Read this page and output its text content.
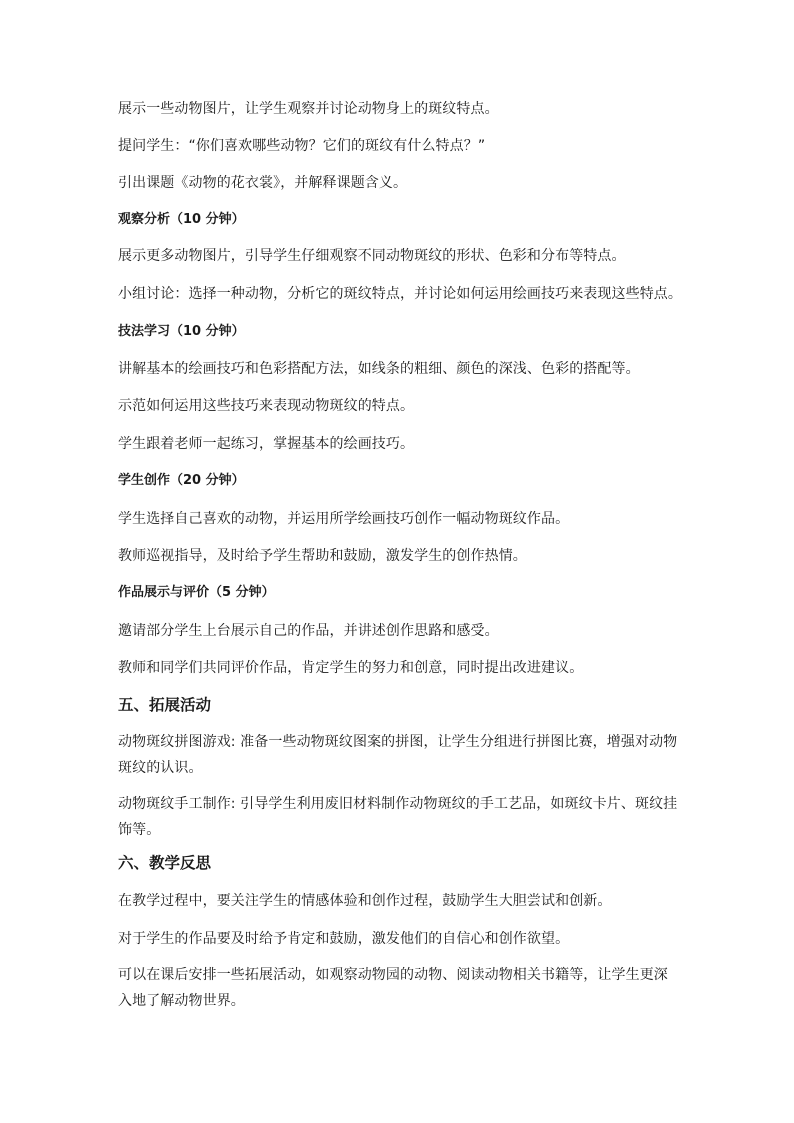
展示一些动物图片，让学生观察并讨论动物身上的斑纹特点。

提问学生：“你们喜欢哪些动物？它们的斑纹有什么特点？”

引出课题《动物的花衣裳》，并解释课题含义。

观察分析（10 分钟）

展示更多动物图片，引导学生仔细观察不同动物斑纹的形状、色彩和分布等特点。

小组讨论：选择一种动物，分析它的斑纹特点，并讨论如何运用绘画技巧来表现这些特点。

技法学习（10 分钟）

讲解基本的绘画技巧和色彩搭配方法，如线条的粗细、颜色的深浅、色彩的搭配等。

示范如何运用这些技巧来表现动物斑纹的特点。

学生跟着老师一起练习，掌握基本的绘画技巧。

学生创作（20 分钟）

学生选择自己喜欢的动物，并运用所学绘画技巧创作一幅动物斑纹作品。

教师巡视指导，及时给予学生帮助和鼓励，激发学生的创作热情。

作品展示与评价（5 分钟）

邀请部分学生上台展示自己的作品，并讲述创作思路和感受。

教师和同学们共同评价作品，肯定学生的努力和创意，同时提出改进建议。

五、拓展活动

动物斑纹拼图游戏: 准备一些动物斑纹图案的拼图，让学生分组进行拼图比赛，增强对动物斑纹的认识。

动物斑纹手工制作: 引导学生利用废旧材料制作动物斑纹的手工艺品，如斑纹卡片、斑纹挂饰等。

六、教学反思

在教学过程中，要关注学生的情感体验和创作过程，鼓励学生大胆尝试和创新。

对于学生的作品要及时给予肯定和鼓励，激发他们的自信心和创作欲望。

可以在课后安排一些拓展活动，如观察动物园的动物、阅读动物相关书籍等，让学生更深入地了解动物世界。
